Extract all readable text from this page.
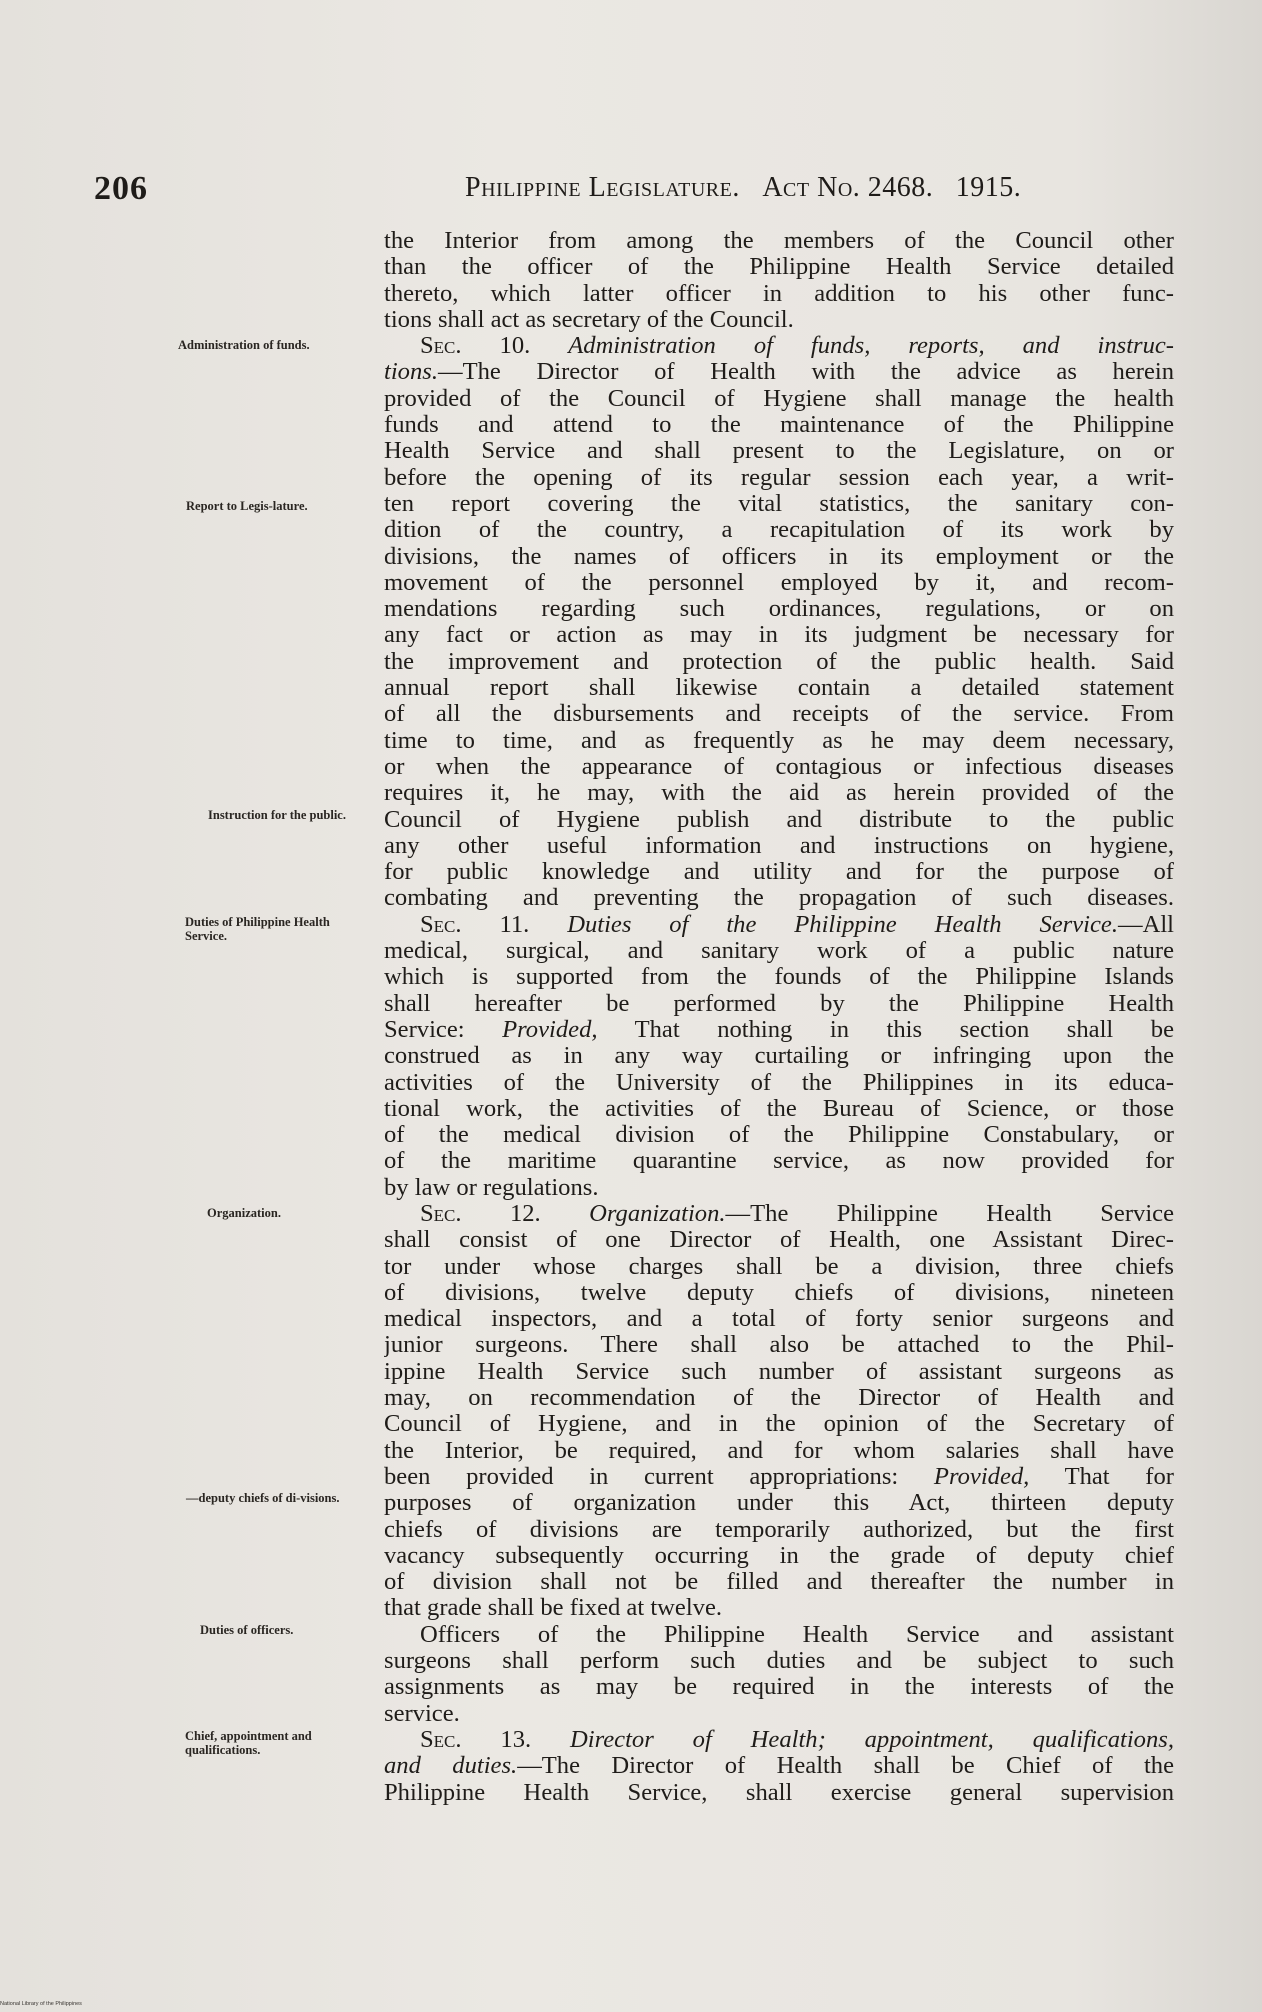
206	Philippine Legislature. Act No. 2468. 1915.
Administration of funds.
Report to Legis-lature.
Instruction for the public.
Duties of Philippine Health Service.
Organization.
—deputy chiefs of di-visions.
Duties of officers.
Chief, appointment and qualifications.
the Interior from among the members of the Council other
than the officer of the Philippine Health Service detailed
thereto, which latter officer in addition to his other func-
tions shall act as secretary of the Council.
Sec. 10. Administration of funds, reports, and instruc-
tions.—The Director of Health with the advice as herein
provided of the Council of Hygiene shall manage the health
funds and attend to the maintenance of the Philippine
Health Service and shall present to the Legislature, on or
before the opening of its regular session each year, a writ-
ten report covering the vital statistics, the sanitary con-
dition of the country, a recapitulation of its work by
divisions, the names of officers in its employment or the
movement of the personnel employed by it, and recom-
mendations regarding such ordinances, regulations, or on
any fact or action as may in its judgment be necessary for
the improvement and protection of the public health. Said
annual report shall likewise contain a detailed statement
of all the disbursements and receipts of the service. From
time to time, and as frequently as he may deem necessary,
or when the appearance of contagious or infectious diseases
requires it, he may, with the aid as herein provided of the
Council of Hygiene publish and distribute to the public
any other useful information and instructions on hygiene,
for public knowledge and utility and for the purpose of
combating and preventing the propagation of such diseases.
Sec. 11. Duties of the Philippine Health Service.—All
medical, surgical, and sanitary work of a public nature
which is supported from the founds of the Philippine Islands
shall hereafter be performed by the Philippine Health
Service: Provided, That nothing in this section shall be
construed as in any way curtailing or infringing upon the
activities of the University of the Philippines in its educa-
tional work, the activities of the Bureau of Science, or those
of the medical division of the Philippine Constabulary, or
of the maritime quarantine service, as now provided for
by law or regulations.
Sec. 12. Organization.—The Philippine Health Service
shall consist of one Director of Health, one Assistant Direc-
tor under whose charges shall be a division, three chiefs
of divisions, twelve deputy chiefs of divisions, nineteen
medical inspectors, and a total of forty senior surgeons and
junior surgeons. There shall also be attached to the Phil-
ippine Health Service such number of assistant surgeons as
may, on recommendation of the Director of Health and
Council of Hygiene, and in the opinion of the Secretary of
the Interior, be required, and for whom salaries shall have
been provided in current appropriations: Provided, That for
purposes of organization under this Act, thirteen deputy
chiefs of divisions are temporarily authorized, but the first
vacancy subsequently occurring in the grade of deputy chief
of division shall not be filled and thereafter the number in
that grade shall be fixed at twelve.
Officers of the Philippine Health Service and assistant
surgeons shall perform such duties and be subject to such
assignments as may be required in the interests of the
service.
Sec. 13. Director of Health; appointment, qualifications,
and duties.—The Director of Health shall be Chief of the
Philippine Health Service, shall exercise general supervision
National Library of the Philippines
